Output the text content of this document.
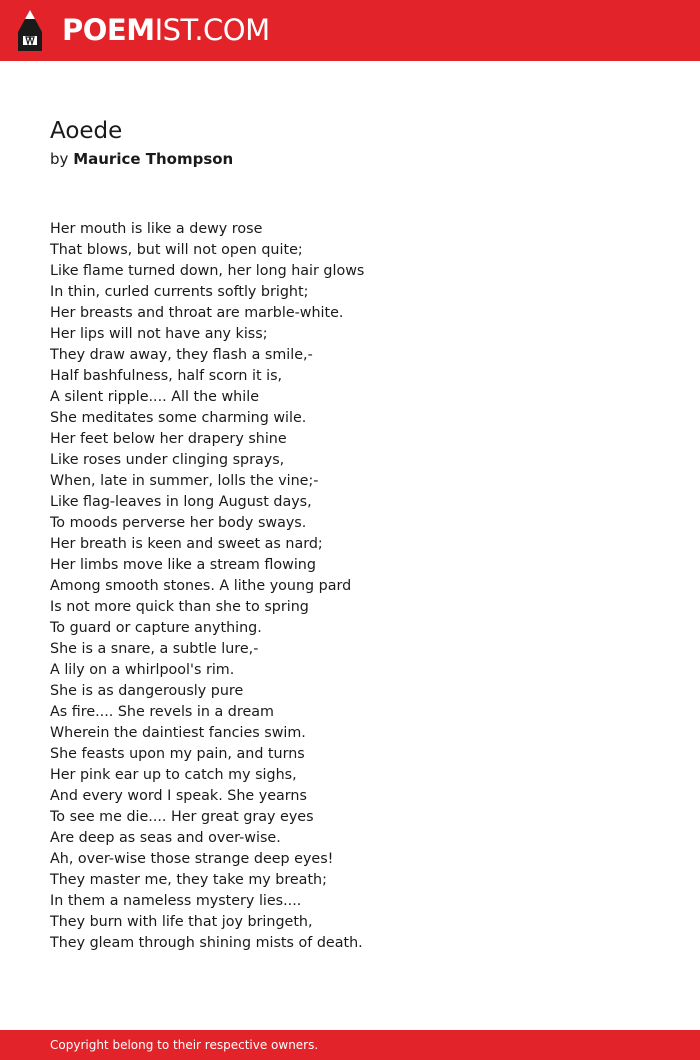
POEMIST.COM
Aoede
by Maurice Thompson
Her mouth is like a dewy rose
That blows, but will not open quite;
Like flame turned down, her long hair glows
In thin, curled currents softly bright;
Her breasts and throat are marble-white.
Her lips will not have any kiss;
They draw away, they flash a smile,-
Half bashfulness, half scorn it is,
A silent ripple.... All the while
She meditates some charming wile.
Her feet below her drapery shine
Like roses under clinging sprays,
When, late in summer, lolls the vine;-
Like flag-leaves in long August days,
To moods perverse her body sways.
Her breath is keen and sweet as nard;
Her limbs move like a stream flowing
Among smooth stones. A lithe young pard
Is not more quick than she to spring
To guard or capture anything.
She is a snare, a subtle lure,-
A lily on a whirlpool's rim.
She is as dangerously pure
As fire.... She revels in a dream
Wherein the daintiest fancies swim.
She feasts upon my pain, and turns
Her pink ear up to catch my sighs,
And every word I speak. She yearns
To see me die.... Her great gray eyes
Are deep as seas and over-wise.
Ah, over-wise those strange deep eyes!
They master me, they take my breath;
In them a nameless mystery lies....
They burn with life that joy bringeth,
They gleam through shining mists of death.
Copyright belong to their respective owners.
